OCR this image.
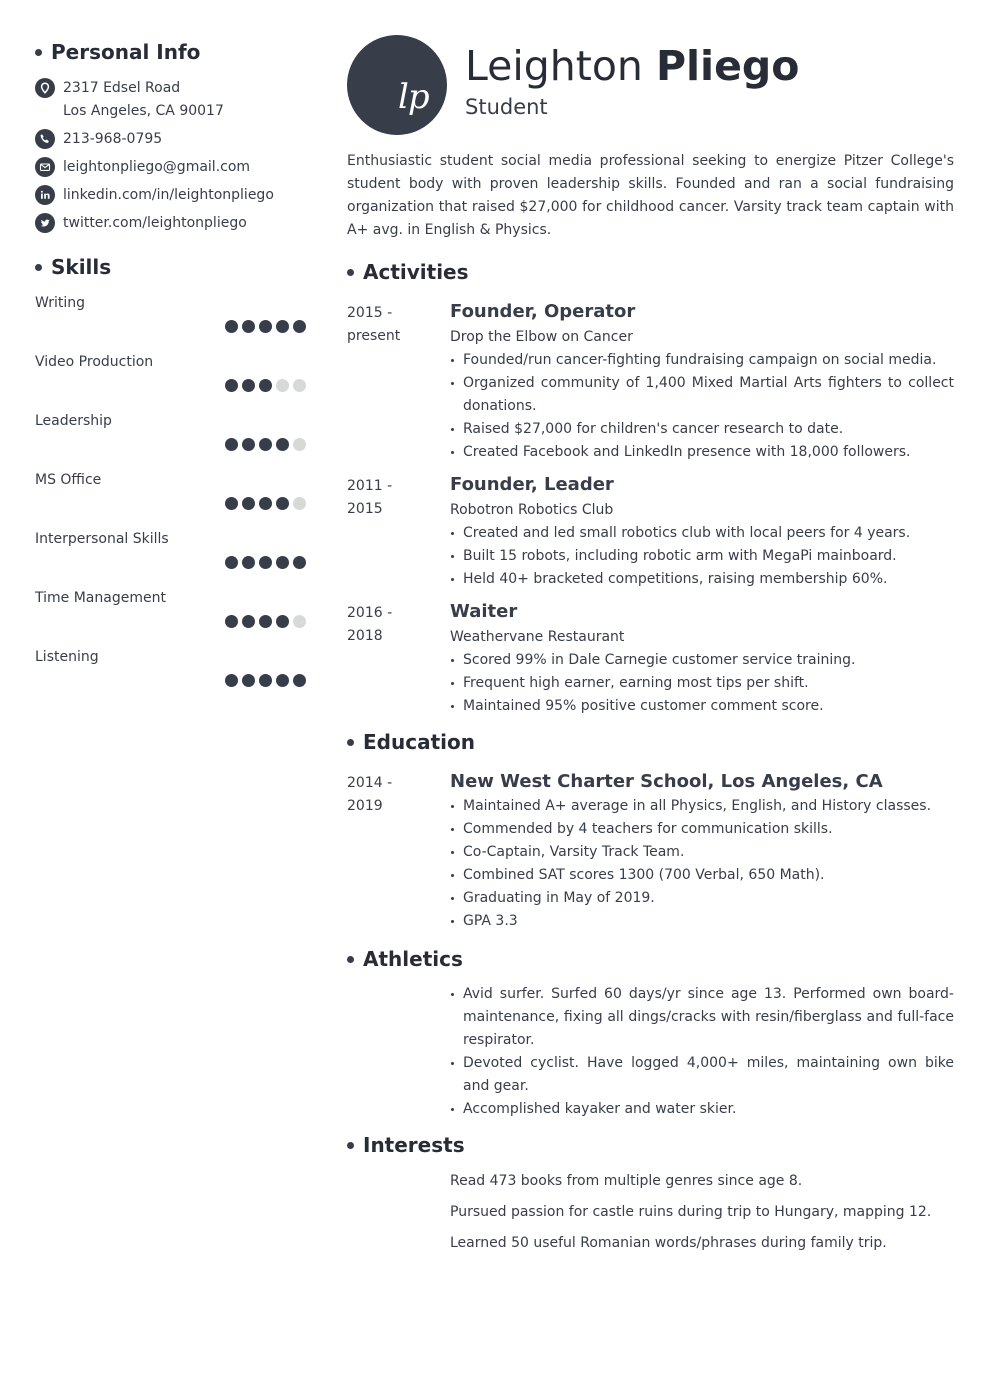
Personal Info
2317 Edsel Road
Los Angeles, CA 90017
213-968-0795
leightonpliego@gmail.com
linkedin.com/in/leightonpliego
twitter.com/leightonpliego
Skills
Writing
Video Production
Leadership
MS Office
Interpersonal Skills
Time Management
Listening
lp
Leighton Pliego
Student

Enthusiastic student social media professional seeking to energize Pitzer College's student body with proven leadership skills. Founded and ran a social fundraising organization that raised $27,000 for childhood cancer. Varsity track team captain with A+ avg. in English & Physics.

Activities
2015 -
present
Founder, Operator
Drop the Elbow on Cancer
Founded/run cancer-fighting fundraising campaign on social media.
Organized community of 1,400 Mixed Martial Arts fighters to collect donations.
Raised $27,000 for children's cancer research to date.
Created Facebook and LinkedIn presence with 18,000 followers.
2011 -
2015
Founder, Leader
Robotron Robotics Club
Created and led small robotics club with local peers for 4 years.
Built 15 robots, including robotic arm with MegaPi mainboard.
Held 40+ bracketed competitions, raising membership 60%.
2016 -
2018
Waiter
Weathervane Restaurant
Scored 99% in Dale Carnegie customer service training.
Frequent high earner, earning most tips per shift.
Maintained 95% positive customer comment score.
Education
2014 -
2019
New West Charter School, Los Angeles, CA
Maintained A+ average in all Physics, English, and History classes.
Commended by 4 teachers for communication skills.
Co-Captain, Varsity Track Team.
Combined SAT scores 1300 (700 Verbal, 650 Math).
Graduating in May of 2019.
GPA 3.3
Athletics
Avid surfer. Surfed 60 days/yr since age 13. Performed own board-maintenance, fixing all dings/cracks with resin/fiberglass and full-face respirator.
Devoted cyclist. Have logged 4,000+ miles, maintaining own bike and gear.
Accomplished kayaker and water skier.
Interests
Read 473 books from multiple genres since age 8.
Pursued passion for castle ruins during trip to Hungary, mapping 12.
Learned 50 useful Romanian words/phrases during family trip.
